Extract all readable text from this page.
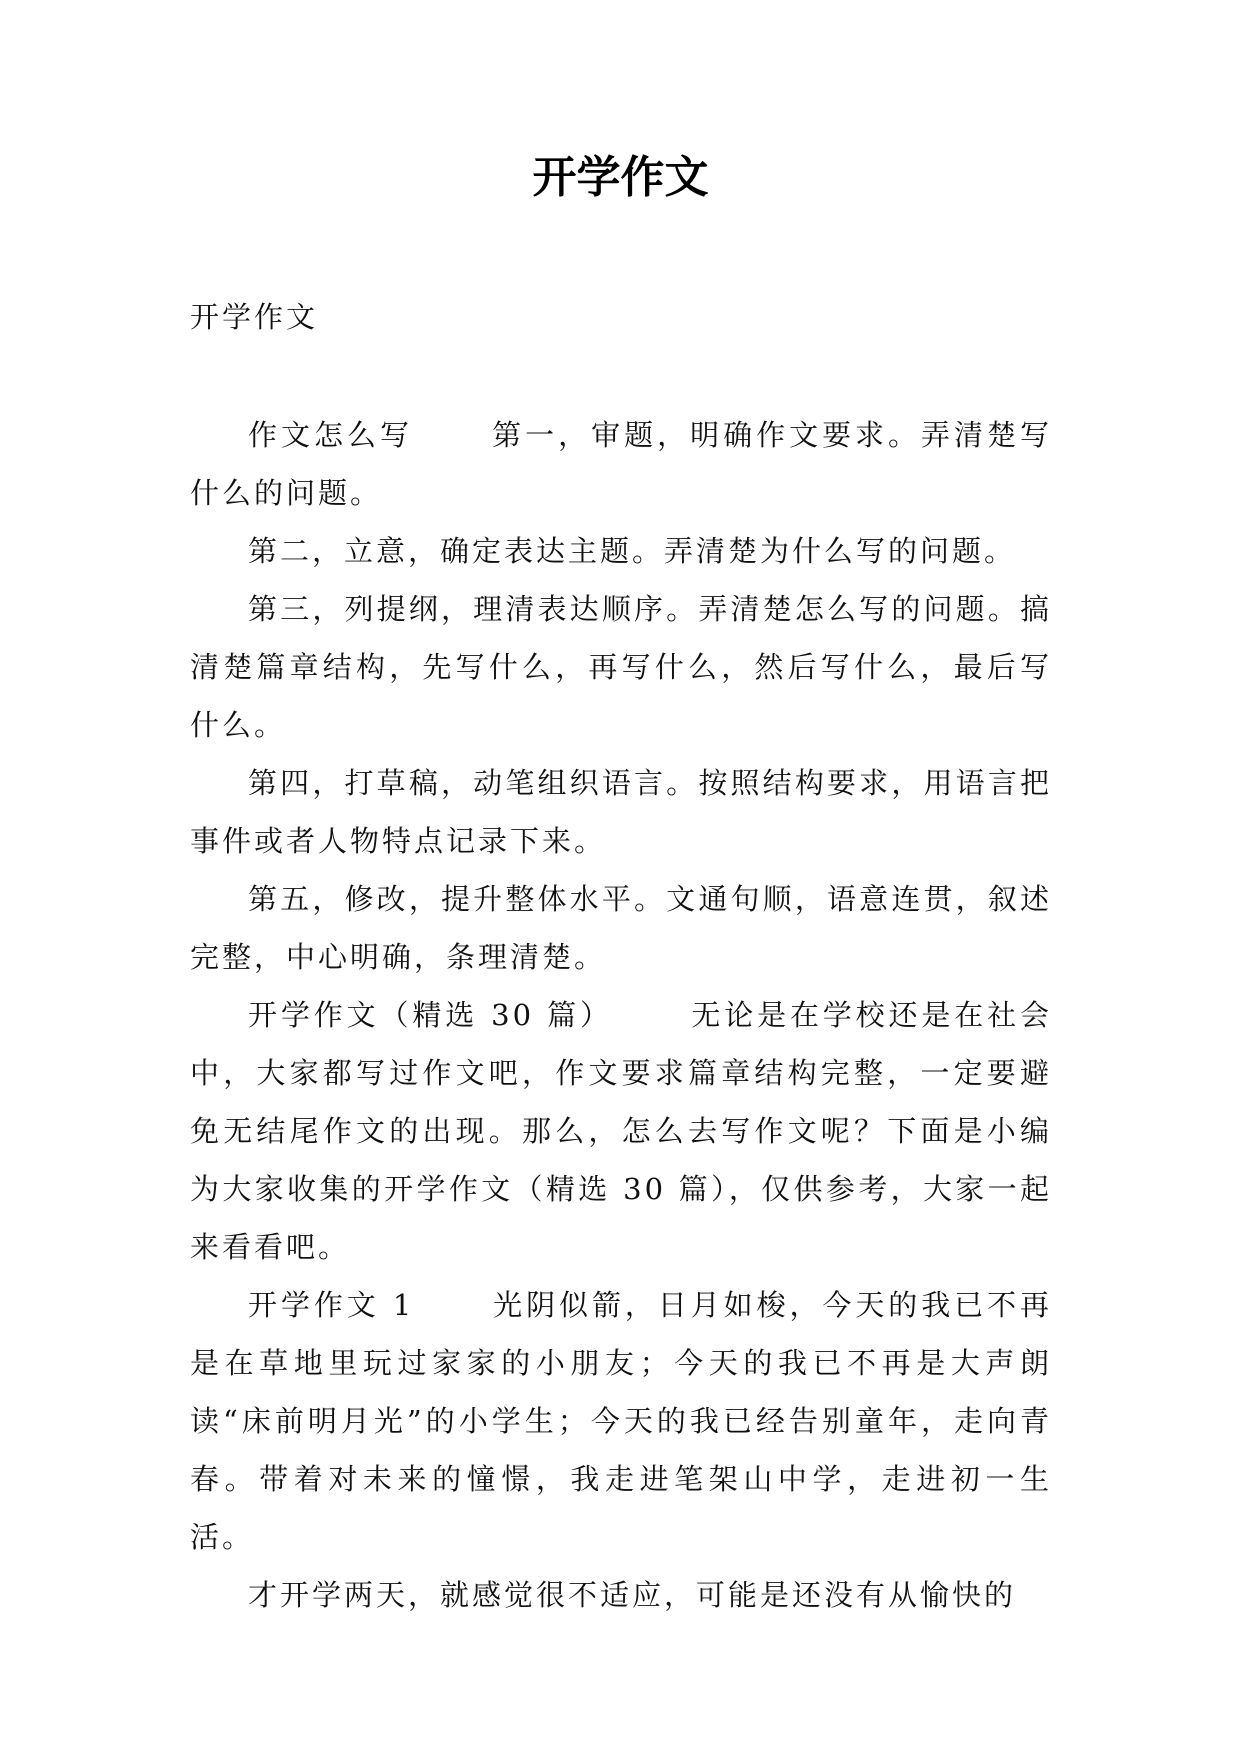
开学作文
开学作文

作文怎么写      第一，审题，明确作文要求。弄清楚写什么的问题。

第二，立意，确定表达主题。弄清楚为什么写的问题。

第三，列提纲，理清表达顺序。弄清楚怎么写的问题。搞清楚篇章结构，先写什么，再写什么，然后写什么，最后写什么。

第四，打草稿，动笔组织语言。按照结构要求，用语言把事件或者人物特点记录下来。

第五，修改，提升整体水平。文通句顺，语意连贯，叙述完整，中心明确，条理清楚。

开学作文（精选 30 篇）      无论是在学校还是在社会中，大家都写过作文吧，作文要求篇章结构完整，一定要避免无结尾作文的出现。那么，怎么去写作文呢？下面是小编为大家收集的开学作文（精选 30 篇），仅供参考，大家一起来看看吧。

开学作文 1      光阴似箭，日月如梭，今天的我已不再是在草地里玩过家家的小朋友；今天的我已不再是大声朗读“床前明月光”的小学生；今天的我已经告别童年，走向青春。带着对未来的憧憬，我走进笔架山中学，走进初一生活。

才开学两天，就感觉很不适应，可能是还没有从愉快的
